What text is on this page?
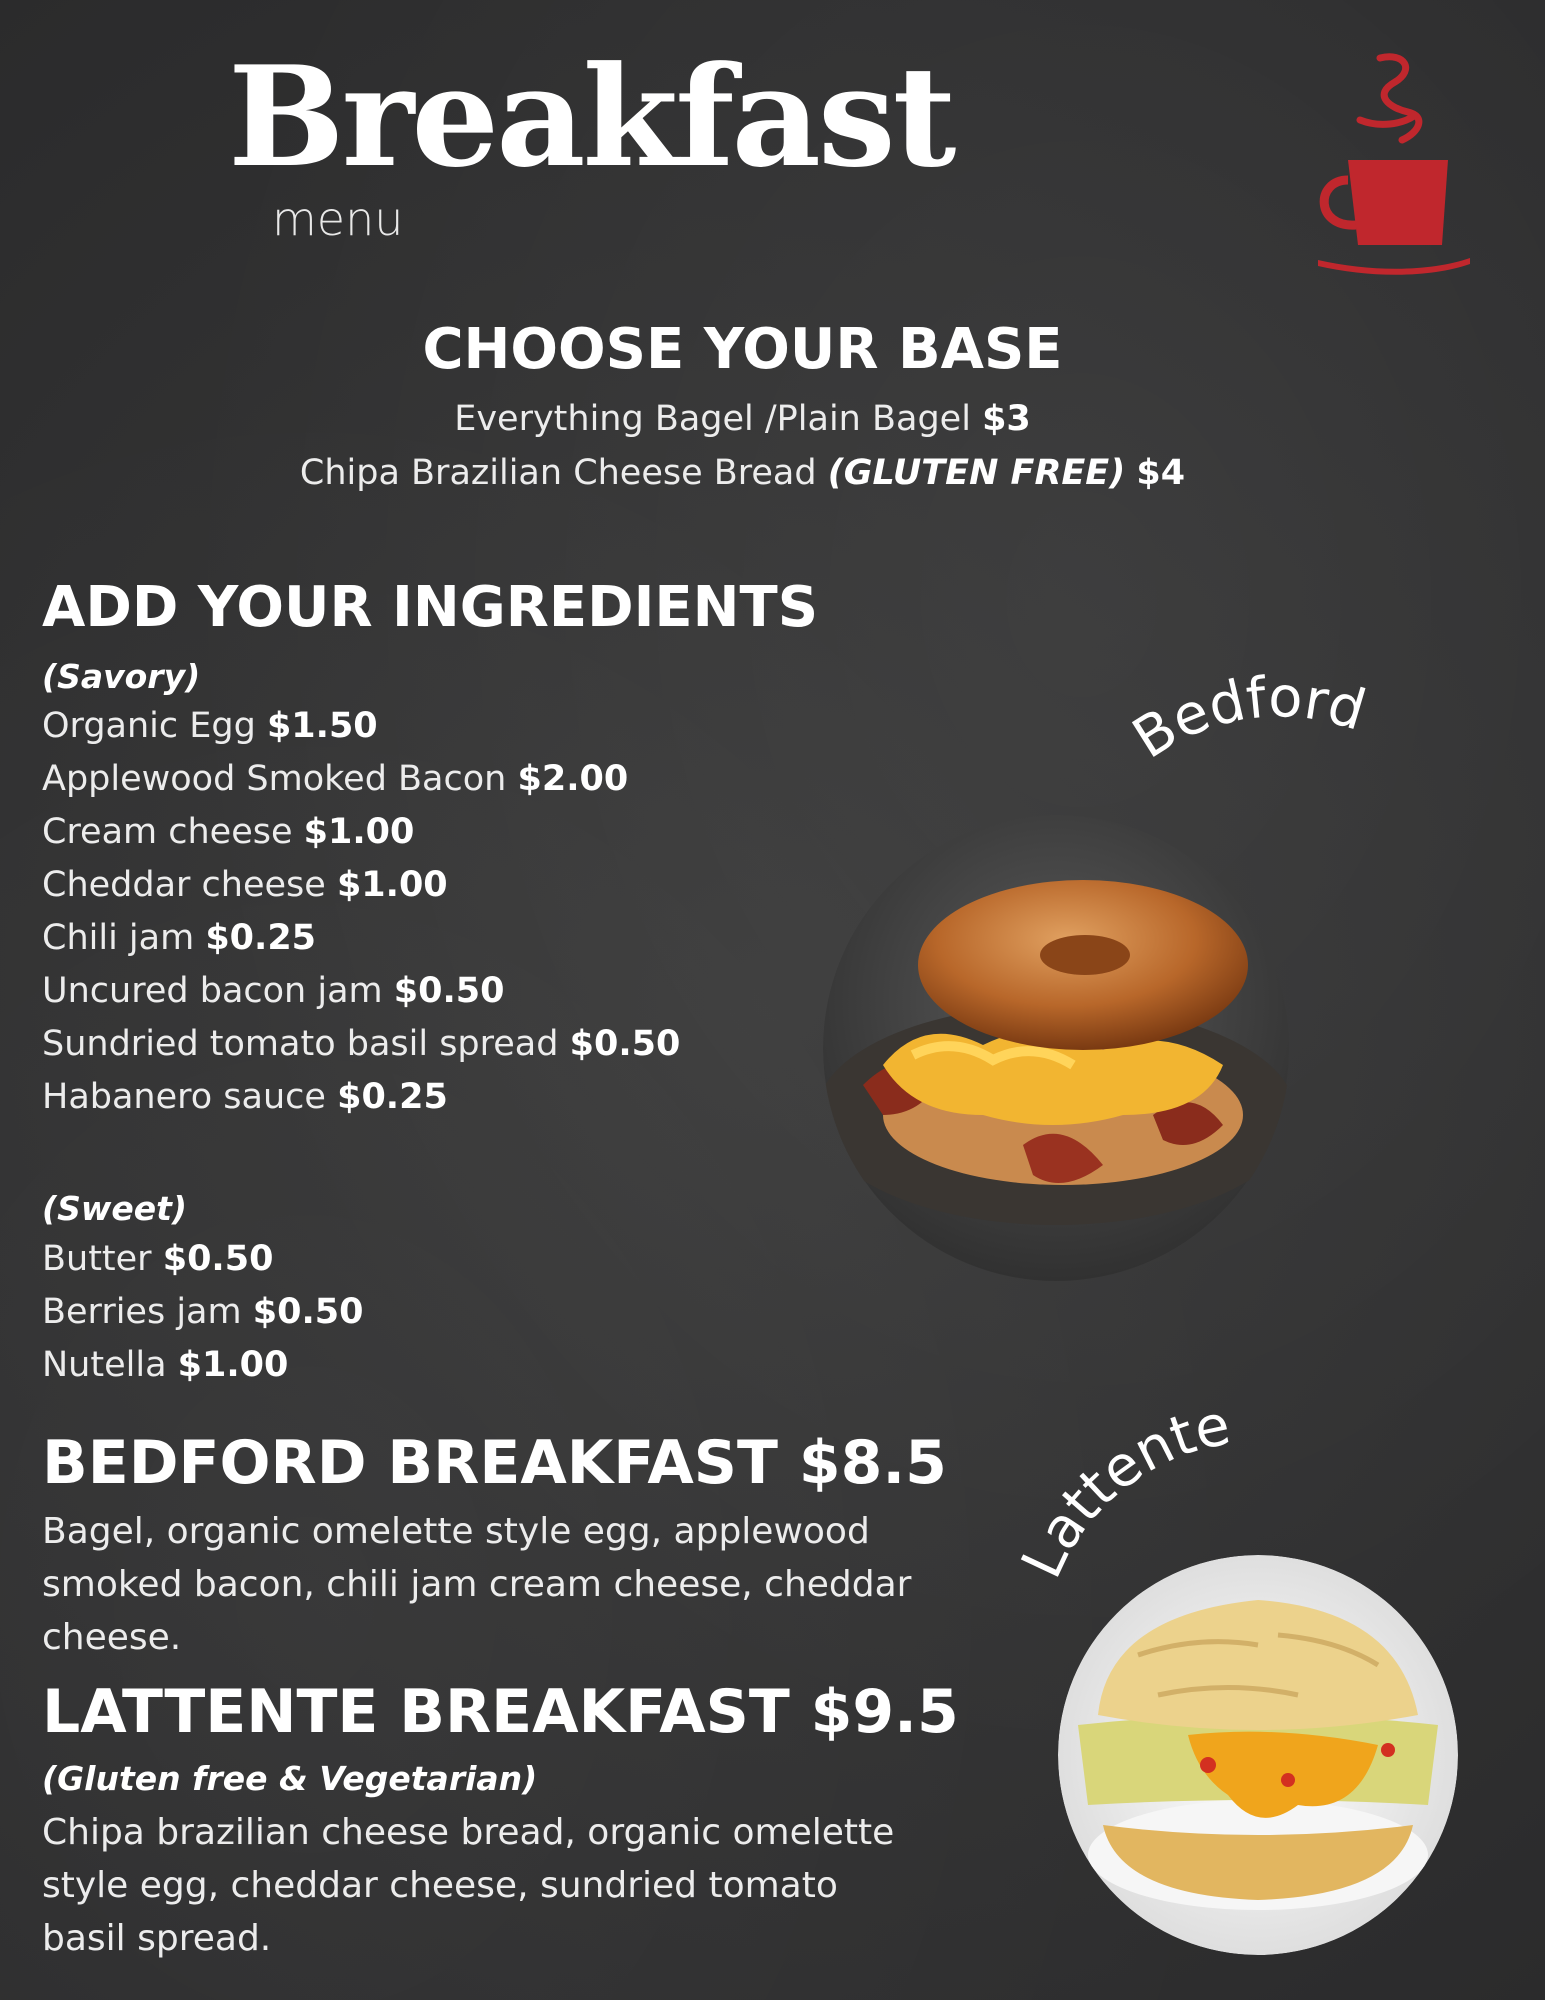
Breakfast
menu
CHOOSE YOUR BASE
Everything Bagel /Plain Bagel $3
Chipa Brazilian Cheese Bread (GLUTEN FREE) $4
ADD YOUR INGREDIENTS
(Savory)
Organic Egg $1.50
Applewood Smoked Bacon $2.00
Cream cheese $1.00
Cheddar cheese $1.00
Chili jam $0.25
Uncured bacon jam $0.50
Sundried tomato basil spread $0.50
Habanero sauce $0.25
(Sweet)
Butter $0.50
Berries jam $0.50
Nutella $1.00
BEDFORD BREAKFAST $8.5
Bagel, organic omelette style egg, applewood smoked bacon, chili jam cream cheese, cheddar cheese.
LATTENTE BREAKFAST $9.5
(Gluten free & Vegetarian)
Chipa brazilian cheese bread, organic omelette style egg, cheddar cheese, sundried tomato basil spread.
Bedford
Lattente
